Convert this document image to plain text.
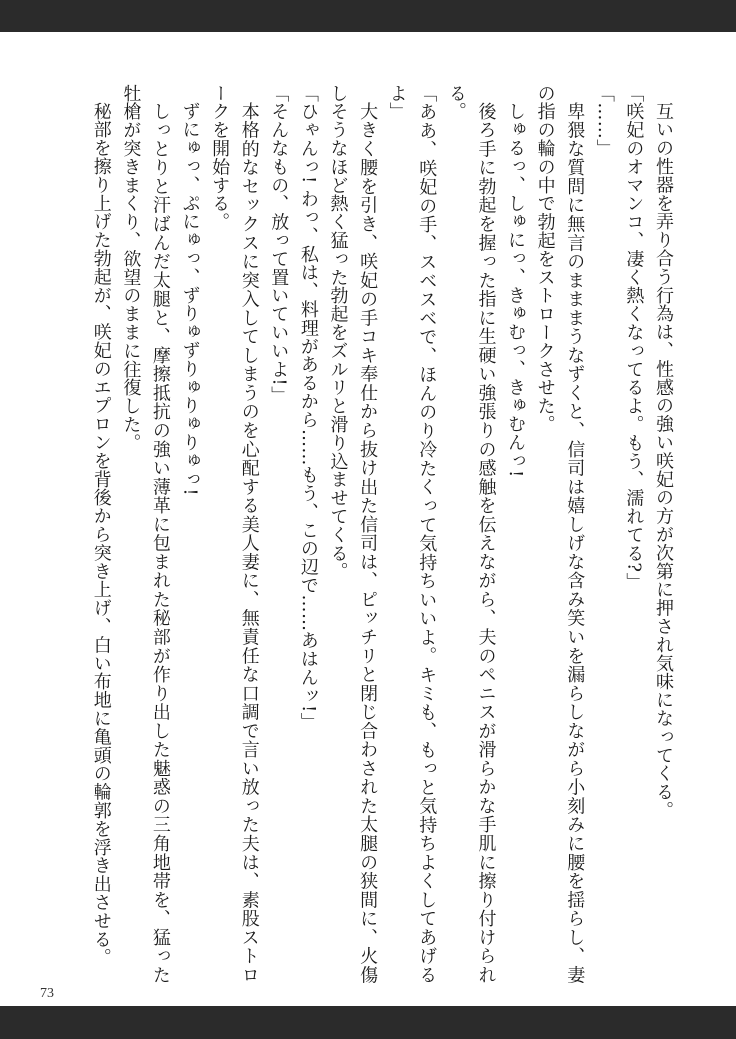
互いの性器を弄り合う行為は、性感の強い咲妃の方が次第に押され気味になってくる。

「咲妃のオマンコ、凄く熱くなってるよ。もう、濡れてる?」

「……」

卑猥な質問に無言のまままうなずくと、信司は嬉しげな含み笑いを漏らしながら小刻みに腰を揺らし、妻の指の輪の中で勃起をストロークさせた。

しゅるっ、しゅにっ、きゅむっ、きゅむんっ!

後ろ手に勃起を握った指に生硬い強張りの感触を伝えながら、夫のペニスが滑らかな手肌に擦り付けられる。

「ああ、咲妃の手、スベスベで、ほんのり冷たくって気持ちいいよ。キミも、もっと気持ちよくしてあげるよ」

大きく腰を引き、咲妃の手コキ奉仕から抜け出た信司は、ピッチリと閉じ合わされた太腿の狭間に、火傷しそうなほど熱く猛った勃起をズルリと滑り込ませてくる。

「ひゃんっ! わっ、私は、料理があるから……もう、この辺で……あはんッ!」

「そんなもの、放って置いていいよ!」

本格的なセックスに突入してしまうのを心配する美人妻に、無責任な口調で言い放った夫は、素股ストロークを開始する。

ずにゅっ、ぷにゅっ、ずりゅずりゅりゅりゅっ!

しっとりと汗ばんだ太腿と、摩擦抵抗の強い薄革に包まれた秘部が作り出した魅惑の三角地帯を、猛った牡槍が突きまくり、欲望のままに往復した。

秘部を擦り上げた勃起が、咲妃のエプロンを背後から突き上げ、白い布地に亀頭の輪郭を浮き出させる。

73
